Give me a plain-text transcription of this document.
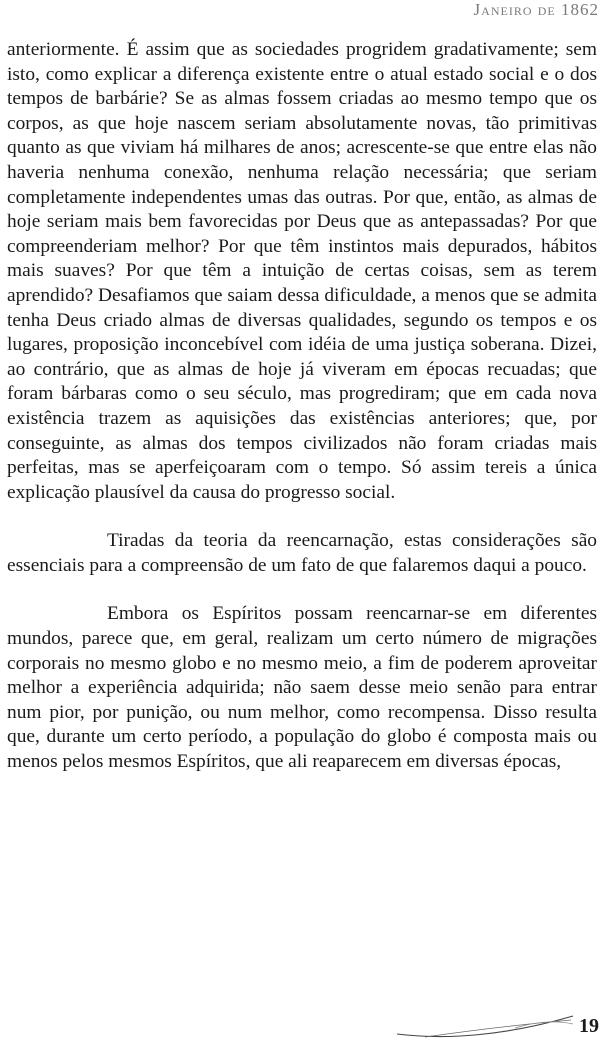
Janeiro de 1862

anteriormente. É assim que as sociedades progridem gradativamente; sem isto, como explicar a diferença existente entre o atual estado social e o dos tempos de barbárie? Se as almas fossem criadas ao mesmo tempo que os corpos, as que hoje nascem seriam absolutamente novas, tão primitivas quanto as que viviam há milhares de anos; acrescente-se que entre elas não haveria nenhuma conexão, nenhuma relação necessária; que seriam completamente independentes umas das outras. Por que, então, as almas de hoje seriam mais bem favorecidas por Deus que as antepassadas? Por que compreenderiam melhor? Por que têm instintos mais depurados, hábitos mais suaves? Por que têm a intuição de certas coisas, sem as terem aprendido? Desafiamos que saiam dessa dificuldade, a menos que se admita tenha Deus criado almas de diversas qualidades, segundo os tempos e os lugares, proposição inconcebível com idéia de uma justiça soberana. Dizei, ao contrário, que as almas de hoje já viveram em épocas recuadas; que foram bárbaras como o seu século, mas progrediram; que em cada nova existência trazem as aquisições das existências anteriores; que, por conseguinte, as almas dos tempos civilizados não foram criadas mais perfeitas, mas se aperfeiçoaram com o tempo. Só assim tereis a única explicação plausível da causa do progresso social.

Tiradas da teoria da reencarnação, estas considerações são essenciais para a compreensão de um fato de que falaremos daqui a pouco.

Embora os Espíritos possam reencarnar-se em diferentes mundos, parece que, em geral, realizam um certo número de migrações corporais no mesmo globo e no mesmo meio, a fim de poderem aproveitar melhor a experiência adquirida; não saem desse meio senão para entrar num pior, por punição, ou num melhor, como recompensa. Disso resulta que, durante um certo período, a população do globo é composta mais ou menos pelos mesmos Espíritos, que ali reaparecem em diversas épocas,

19
